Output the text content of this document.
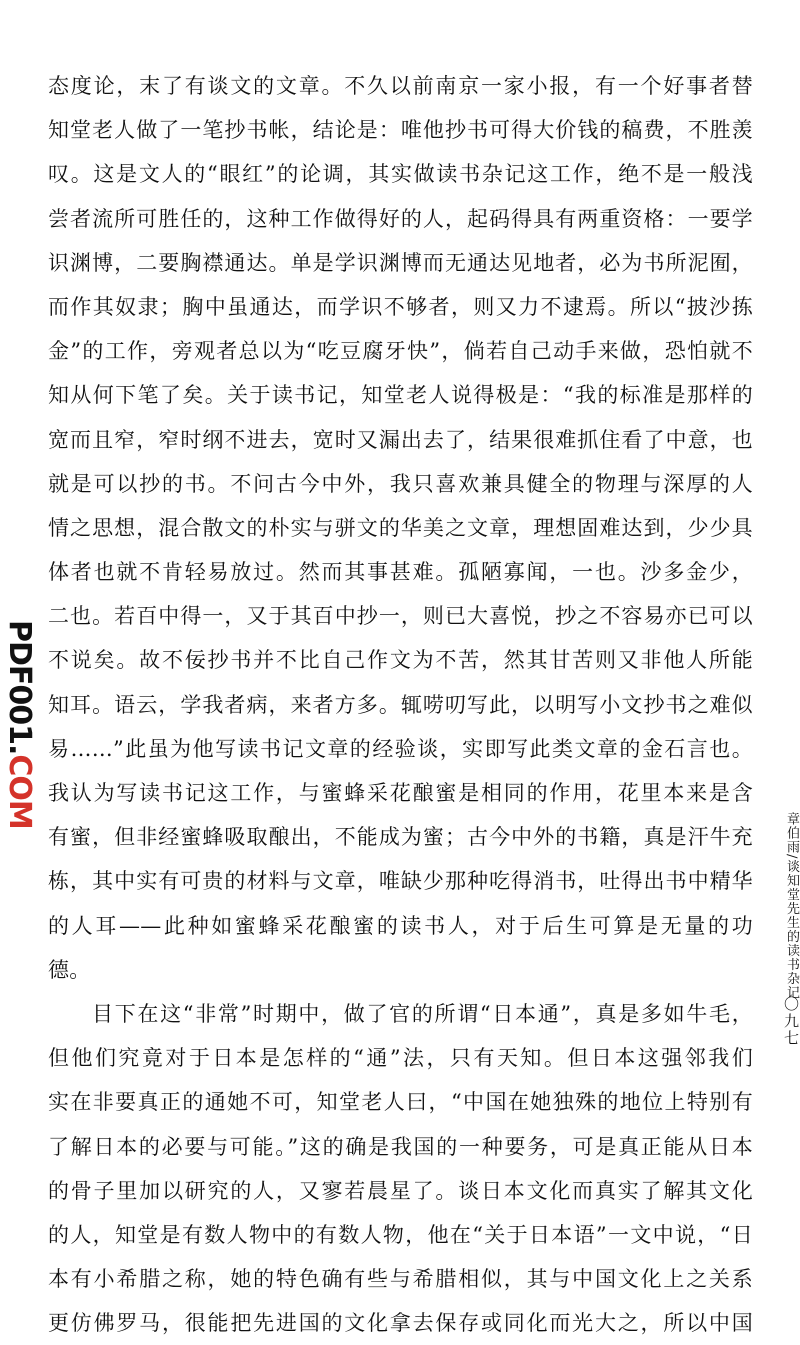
PDF001.COM
态度论，末了有谈文的文章。不久以前南京一家小报，有一个好事者替
知堂老人做了一笔抄书帐，结论是：唯他抄书可得大价钱的稿费，不胜羡
叹。这是文人的“眼红”的论调，其实做读书杂记这工作，绝不是一般浅
尝者流所可胜任的，这种工作做得好的人，起码得具有两重资格：一要学
识渊博，二要胸襟通达。单是学识渊博而无通达见地者，必为书所泥囿，
而作其奴隶；胸中虽通达，而学识不够者，则又力不逮焉。所以“披沙拣
金”的工作，旁观者总以为“吃豆腐牙快”，倘若自己动手来做，恐怕就不
知从何下笔了矣。关于读书记，知堂老人说得极是：“我的标准是那样的
宽而且窄，窄时纲不进去，宽时又漏出去了，结果很难抓住看了中意，也
就是可以抄的书。不问古今中外，我只喜欢兼具健全的物理与深厚的人
情之思想，混合散文的朴实与骈文的华美之文章，理想固难达到，少少具
体者也就不肯轻易放过。然而其事甚难。孤陋寡闻，一也。沙多金少，
二也。若百中得一，又于其百中抄一，则已大喜悦，抄之不容易亦已可以
不说矣。故不佞抄书并不比自己作文为不苦，然其甘苦则又非他人所能
知耳。语云，学我者病，来者方多。辄唠叨写此，以明写小文抄书之难似
易……”此虽为他写读书记文章的经验谈，实即写此类文章的金石言也。
我认为写读书记这工作，与蜜蜂采花酿蜜是相同的作用，花里本来是含
有蜜，但非经蜜蜂吸取酿出，不能成为蜜；古今中外的书籍，真是汗牛充
栋，其中实有可贵的材料与文章，唯缺少那种吃得消书，吐得出书中精华
的人耳——此种如蜜蜂采花酿蜜的读书人，对于后生可算是无量的功
德。
目下在这“非常”时期中，做了官的所谓“日本通”，真是多如牛毛，
但他们究竟对于日本是怎样的“通”法，只有天知。但日本这强邻我们
实在非要真正的通她不可，知堂老人曰，“中国在她独殊的地位上特别有
了解日本的必要与可能。”这的确是我国的一种要务，可是真正能从日本
的骨子里加以研究的人，又寥若晨星了。谈日本文化而真实了解其文化
的人，知堂是有数人物中的有数人物，他在“关于日本语”一文中说，“日
本有小希腊之称，她的特色确有些与希腊相似，其与中国文化上之关系
更仿佛罗马，很能把先进国的文化拿去保存或同化而光大之，所以中国
章伯雨/谈知堂先生的读书杂记
〇九七
